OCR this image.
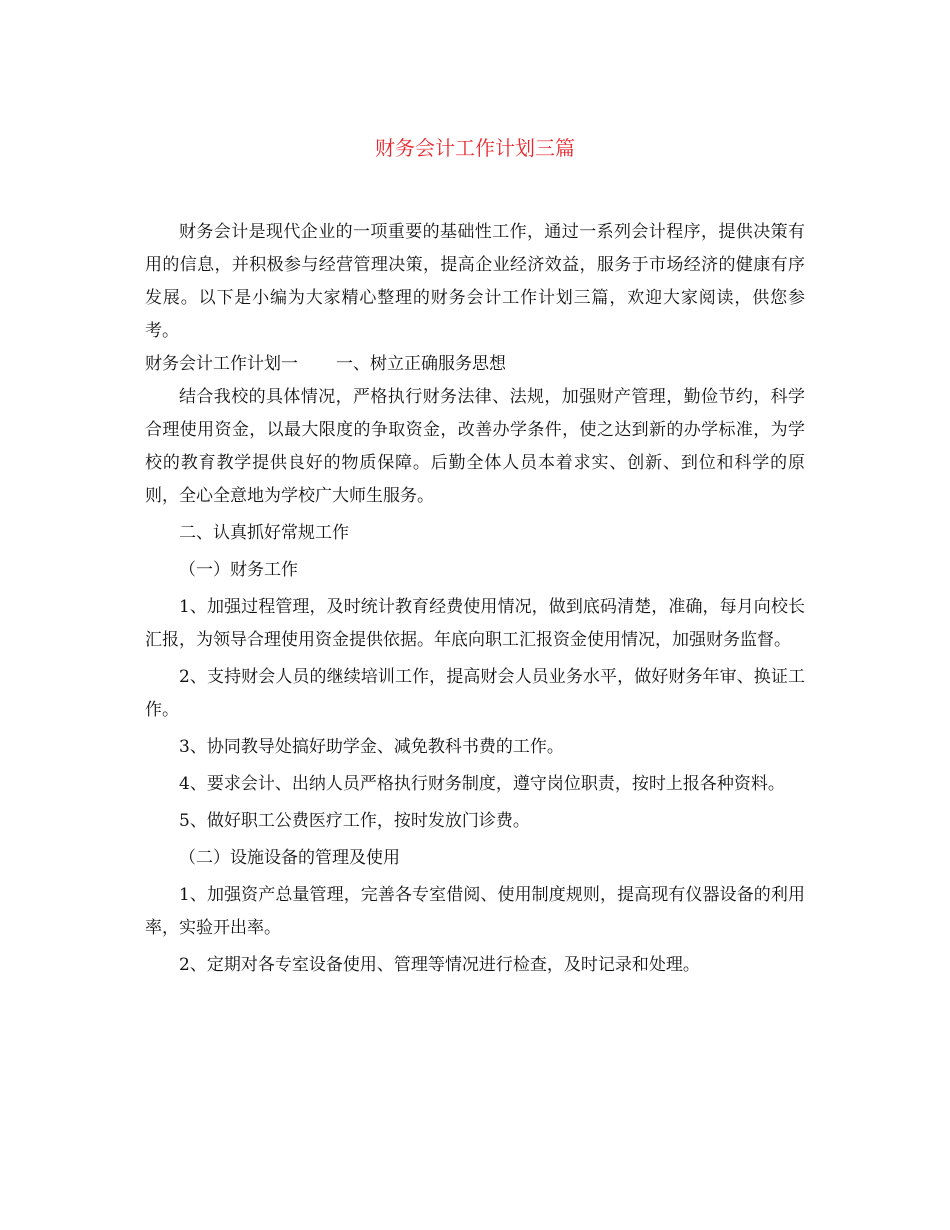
财务会计工作计划三篇

财务会计是现代企业的一项重要的基础性工作，通过一系列会计程序，提供决策有用的信息，并积极参与经营管理决策，提高企业经济效益，服务于市场经济的健康有序发展。以下是小编为大家精心整理的财务会计工作计划三篇，欢迎大家阅读，供您参考。

财务会计工作计划一 一、树立正确服务思想

结合我校的具体情况，严格执行财务法律、法规，加强财产管理，勤俭节约，科学合理使用资金，以最大限度的争取资金，改善办学条件，使之达到新的办学标准，为学校的教育教学提供良好的物质保障。后勤全体人员本着求实、创新、到位和科学的原则，全心全意地为学校广大师生服务。

二、认真抓好常规工作

（一）财务工作

1、加强过程管理，及时统计教育经费使用情况，做到底码清楚，准确，每月向校长汇报，为领导合理使用资金提供依据。年底向职工汇报资金使用情况，加强财务监督。

2、支持财会人员的继续培训工作，提高财会人员业务水平，做好财务年审、换证工作。

3、协同教导处搞好助学金、减免教科书费的工作。

4、要求会计、出纳人员严格执行财务制度，遵守岗位职责，按时上报各种资料。

5、做好职工公费医疗工作，按时发放门诊费。

（二）设施设备的管理及使用

1、加强资产总量管理，完善各专室借阅、使用制度规则，提高现有仪器设备的利用率，实验开出率。

2、定期对各专室设备使用、管理等情况进行检查，及时记录和处理。
